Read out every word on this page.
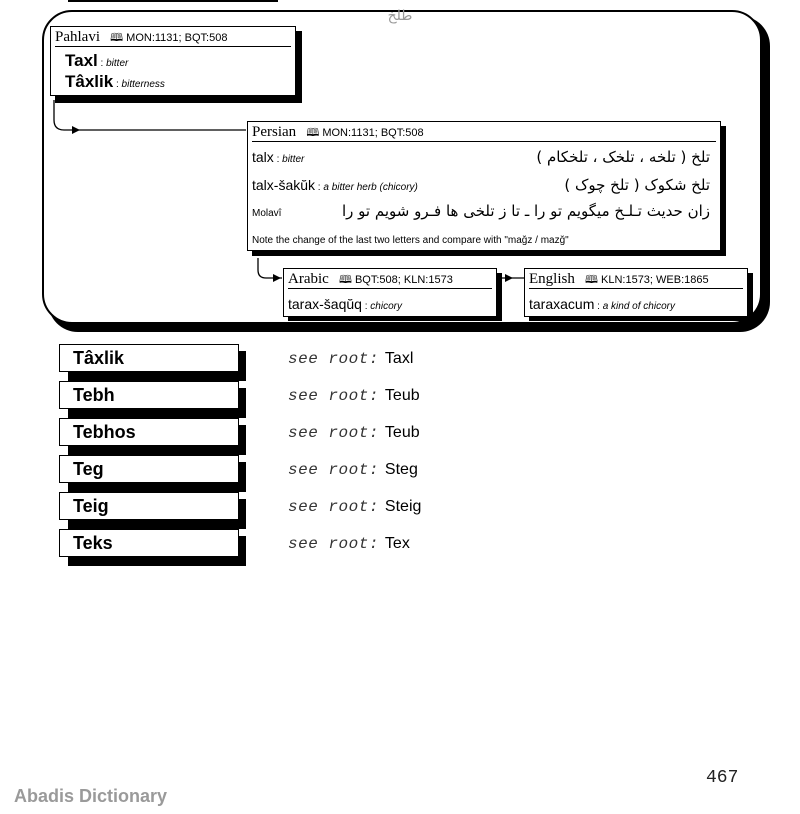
طلخ
Pahlavi 🕮 MON:1131; BQT:508
Taxl : bitter
Tâxlik : bitterness
Persian 🕮 MON:1131; BQT:508
talx : bitter	تلخ ( تلخه ، تلخک ، تلخکام )
talx-šakŭk : a bitter herb (chicory)	تلخ شکوک ( تلخ چوک )
Molavî	زان حدیث تـلـخ میگویم تو را ـ تا ز تلخی ها فـرو شویم تو را
Note the change of the last two letters and compare with "mağz / mazğ"
Arabic 🕮 BQT:508; KLN:1573
tarax-šaqŭq : chicory
English 🕮 KLN:1573; WEB:1865
taraxacum : a kind of chicory
Tâxlik	see root: Taxl
Tebh	see root: Teub
Tebhos	see root: Teub
Teg	see root: Steg
Teig	see root: Steig
Teks	see root: Tex
467
Abadis Dictionary
